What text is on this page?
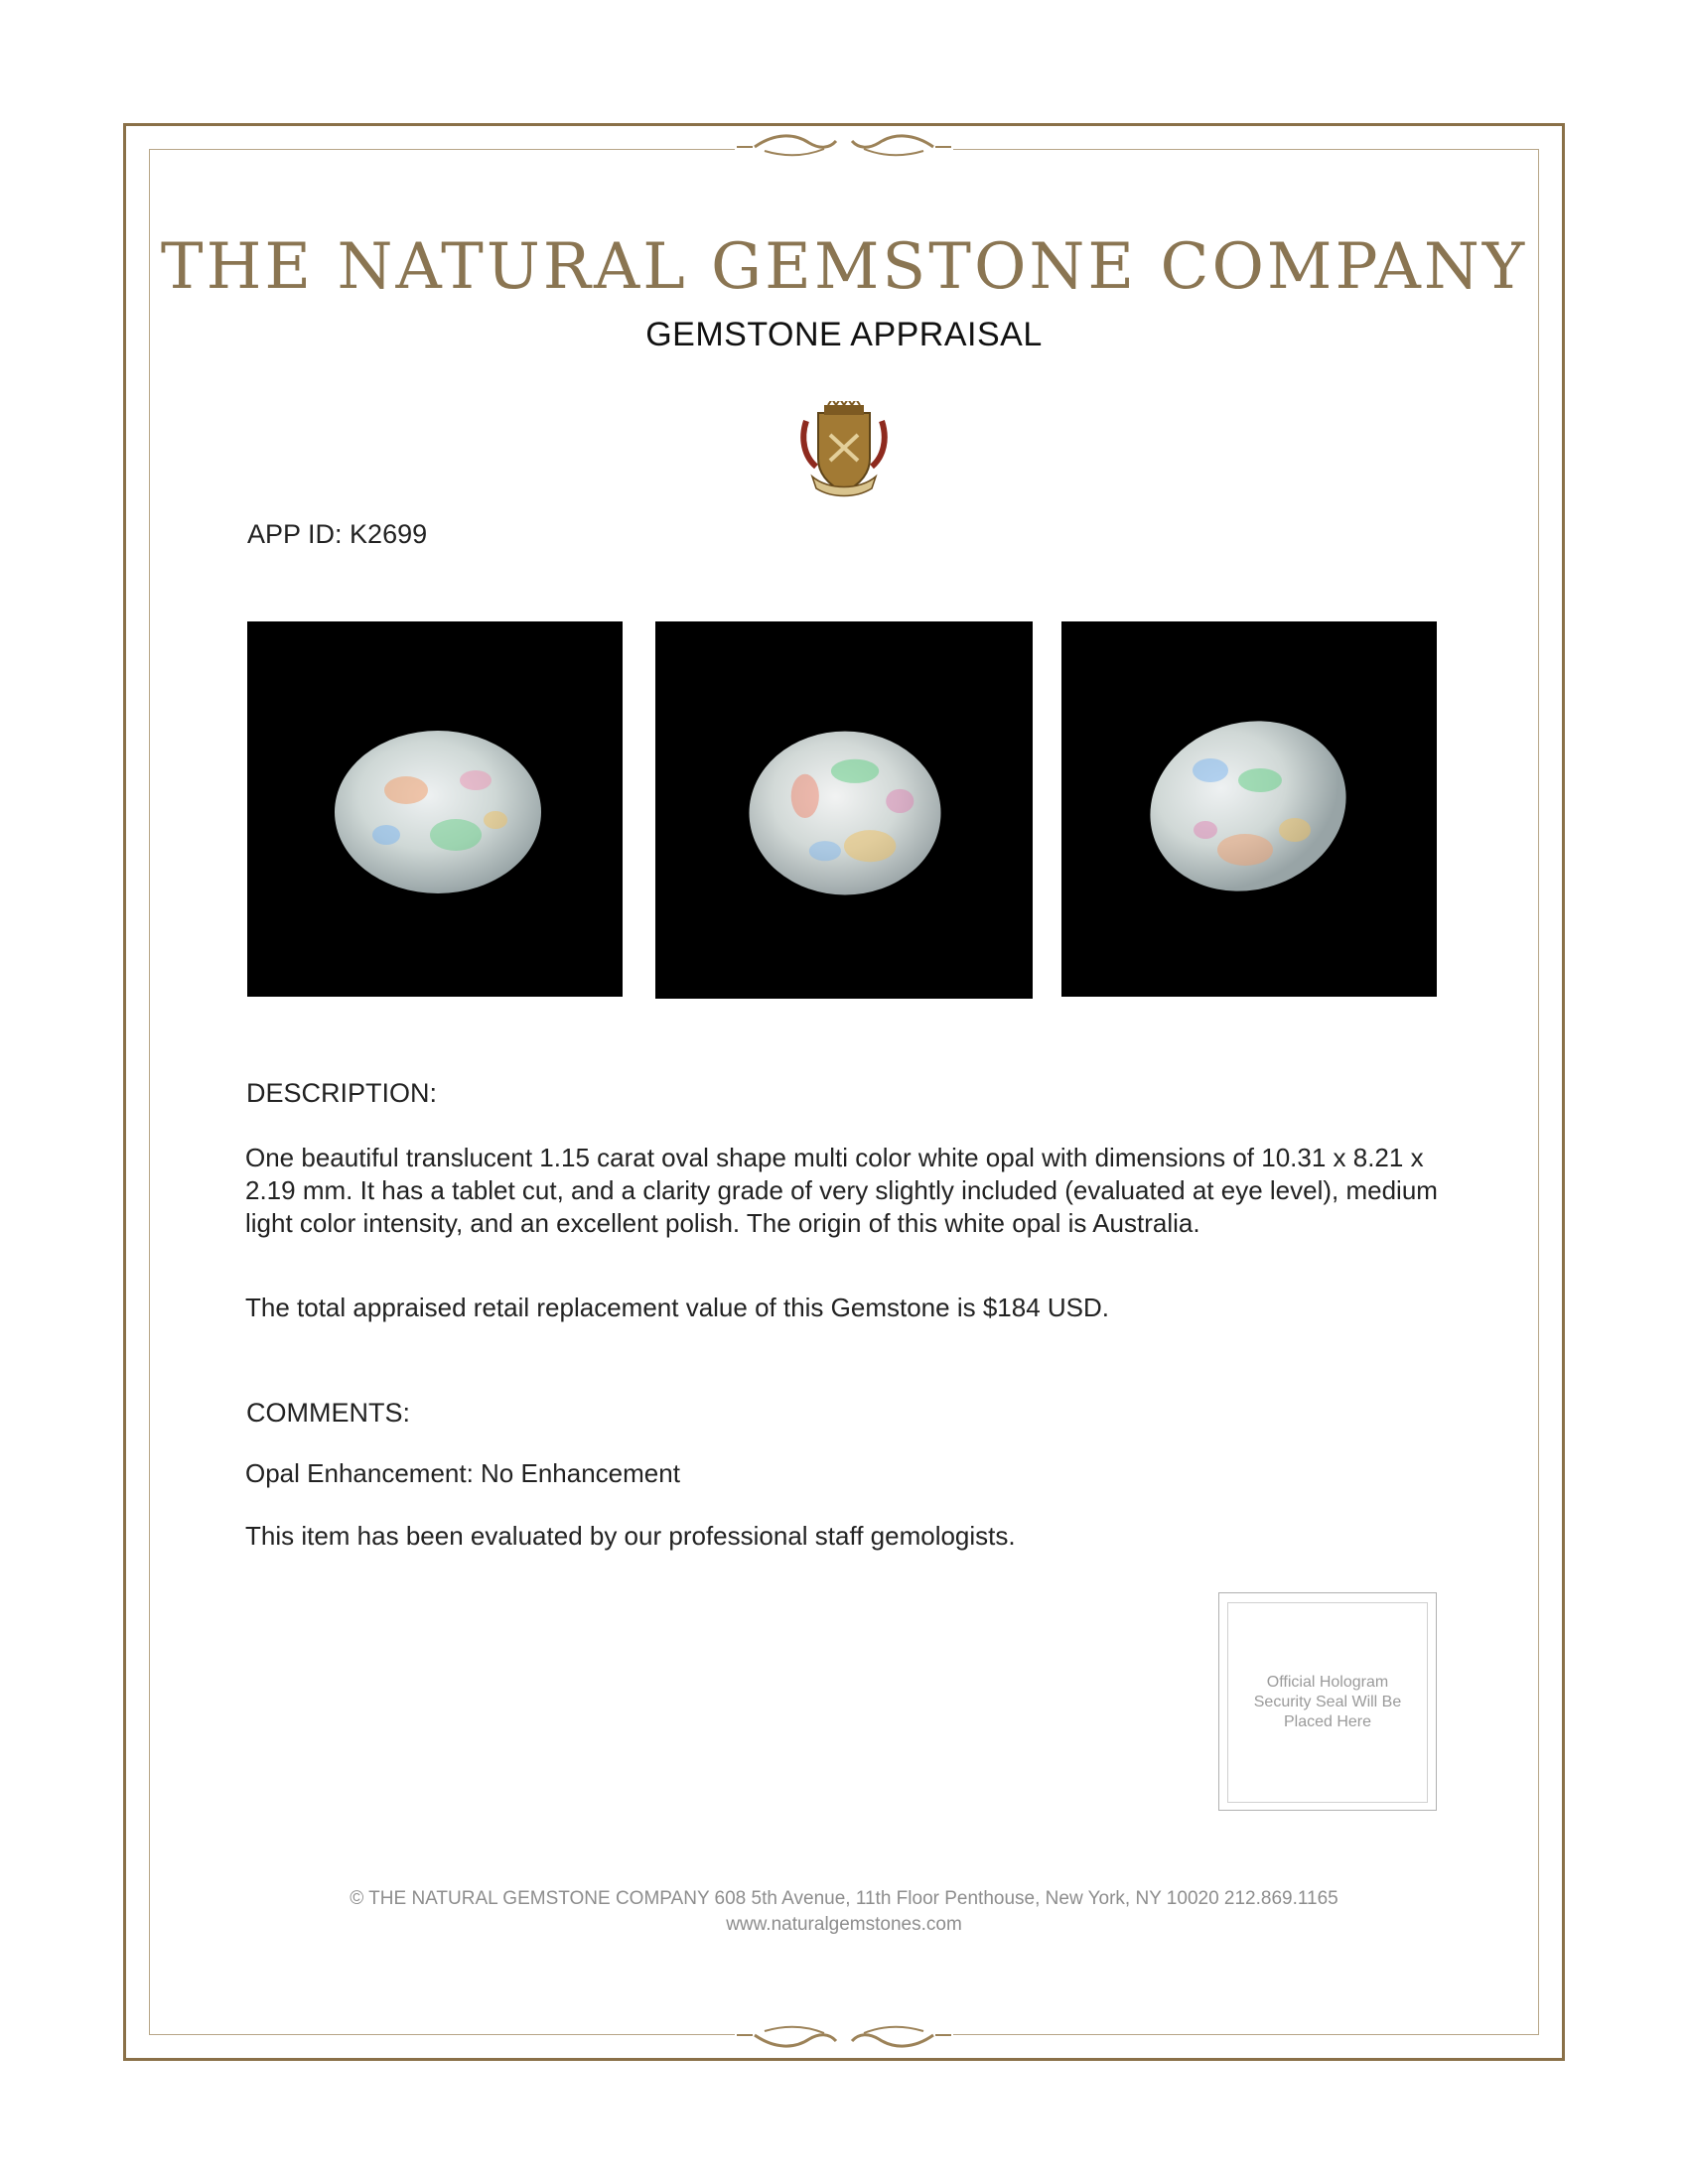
THE NATURAL GEMSTONE COMPANY
GEMSTONE APPRAISAL
APP ID: K2699
DESCRIPTION:
One beautiful translucent 1.15 carat oval shape multi color white opal with dimensions of 10.31 x 8.21 x 2.19 mm. It has a tablet cut, and a clarity grade of very slightly included (evaluated at eye level), medium light color intensity, and an excellent polish. The origin of this white opal is Australia.
The total appraised retail replacement value of this Gemstone is $184 USD.
COMMENTS:
Opal Enhancement: No Enhancement
This item has been evaluated by our professional staff gemologists.
Official Hologram Security Seal Will Be Placed Here
© THE NATURAL GEMSTONE COMPANY 608 5th Avenue, 11th Floor Penthouse, New York, NY 10020 212.869.1165
www.naturalgemstones.com
